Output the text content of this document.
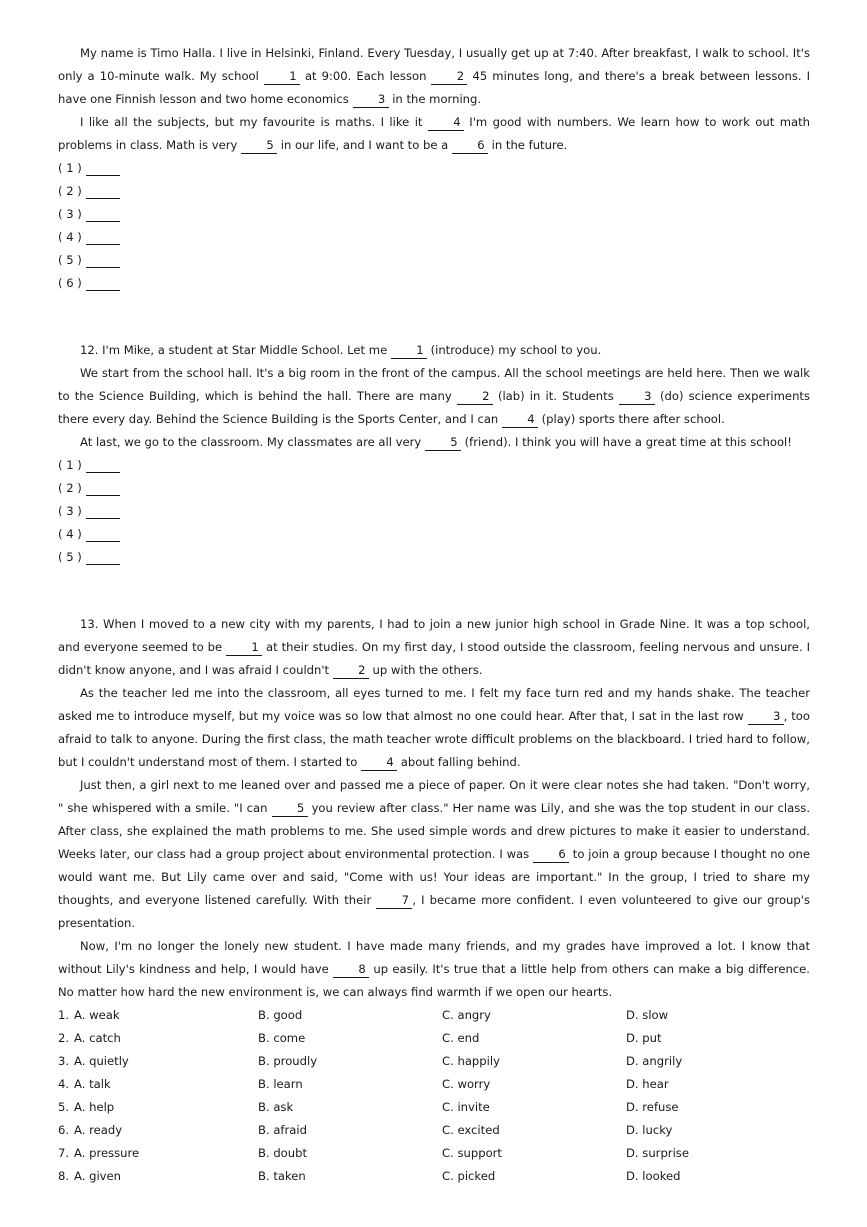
My name is Timo Halla. I live in Helsinki, Finland. Every Tuesday, I usually get up at 7:40. After breakfast, I walk to school. It's only a 10-minute walk. My school 1 at 9:00. Each lesson 2 45 minutes long, and there's a break between lessons. I have one Finnish lesson and two home economics 3 in the morning.

I like all the subjects, but my favourite is maths. I like it 4 I'm good with numbers. We learn how to work out math problems in class. Math is very 5 in our life, and I want to be a 6 in the future.

( 1 )
( 2 )
( 3 )
( 4 )
( 5 )
( 6 )

12. I'm Mike, a student at Star Middle School. Let me 1 (introduce) my school to you.

We start from the school hall. It's a big room in the front of the campus. All the school meetings are held here. Then we walk to the Science Building, which is behind the hall. There are many 2 (lab) in it. Students 3 (do) science experiments there every day. Behind the Science Building is the Sports Center, and I can 4 (play) sports there after school.

At last, we go to the classroom. My classmates are all very 5 (friend). I think you will have a great time at this school!

( 1 )
( 2 )
( 3 )
( 4 )
( 5 )

13. When I moved to a new city with my parents, I had to join a new junior high school in Grade Nine. It was a top school, and everyone seemed to be 1 at their studies. On my first day, I stood outside the classroom, feeling nervous and unsure. I didn't know anyone, and I was afraid I couldn't 2 up with the others.

As the teacher led me into the classroom, all eyes turned to me. I felt my face turn red and my hands shake. The teacher asked me to introduce myself, but my voice was so low that almost no one could hear. After that, I sat in the last row 3 , too afraid to talk to anyone. During the first class, the math teacher wrote difficult problems on the blackboard. I tried hard to follow, but I couldn't understand most of them. I started to 4 about falling behind.

Just then, a girl next to me leaned over and passed me a piece of paper. On it were clear notes she had taken. "Don't worry, " she whispered with a smile. "I can 5 you review after class." Her name was Lily, and she was the top student in our class. After class, she explained the math problems to me. She used simple words and drew pictures to make it easier to understand. Weeks later, our class had a group project about environmental protection. I was 6 to join a group because I thought no one would want me. But Lily came over and said, "Come with us! Your ideas are important." In the group, I tried to share my thoughts, and everyone listened carefully. With their 7 , I became more confident. I even volunteered to give our group's presentation.

Now, I'm no longer the lonely new student. I have made many friends, and my grades have improved a lot. I know that without Lily's kindness and help, I would have 8 up easily. It's true that a little help from others can make a big difference. No matter how hard the new environment is, we can always find warmth if we open our hearts.

1. A. weak	B. good	C. angry	D. slow
2. A. catch	B. come	C. end	D. put
3. A. quietly	B. proudly	C. happily	D. angrily
4. A. talk	B. learn	C. worry	D. hear
5. A. help	B. ask	C. invite	D. refuse
6. A. ready	B. afraid	C. excited	D. lucky
7. A. pressure	B. doubt	C. support	D. surprise
8. A. given	B. taken	C. picked	D. looked
